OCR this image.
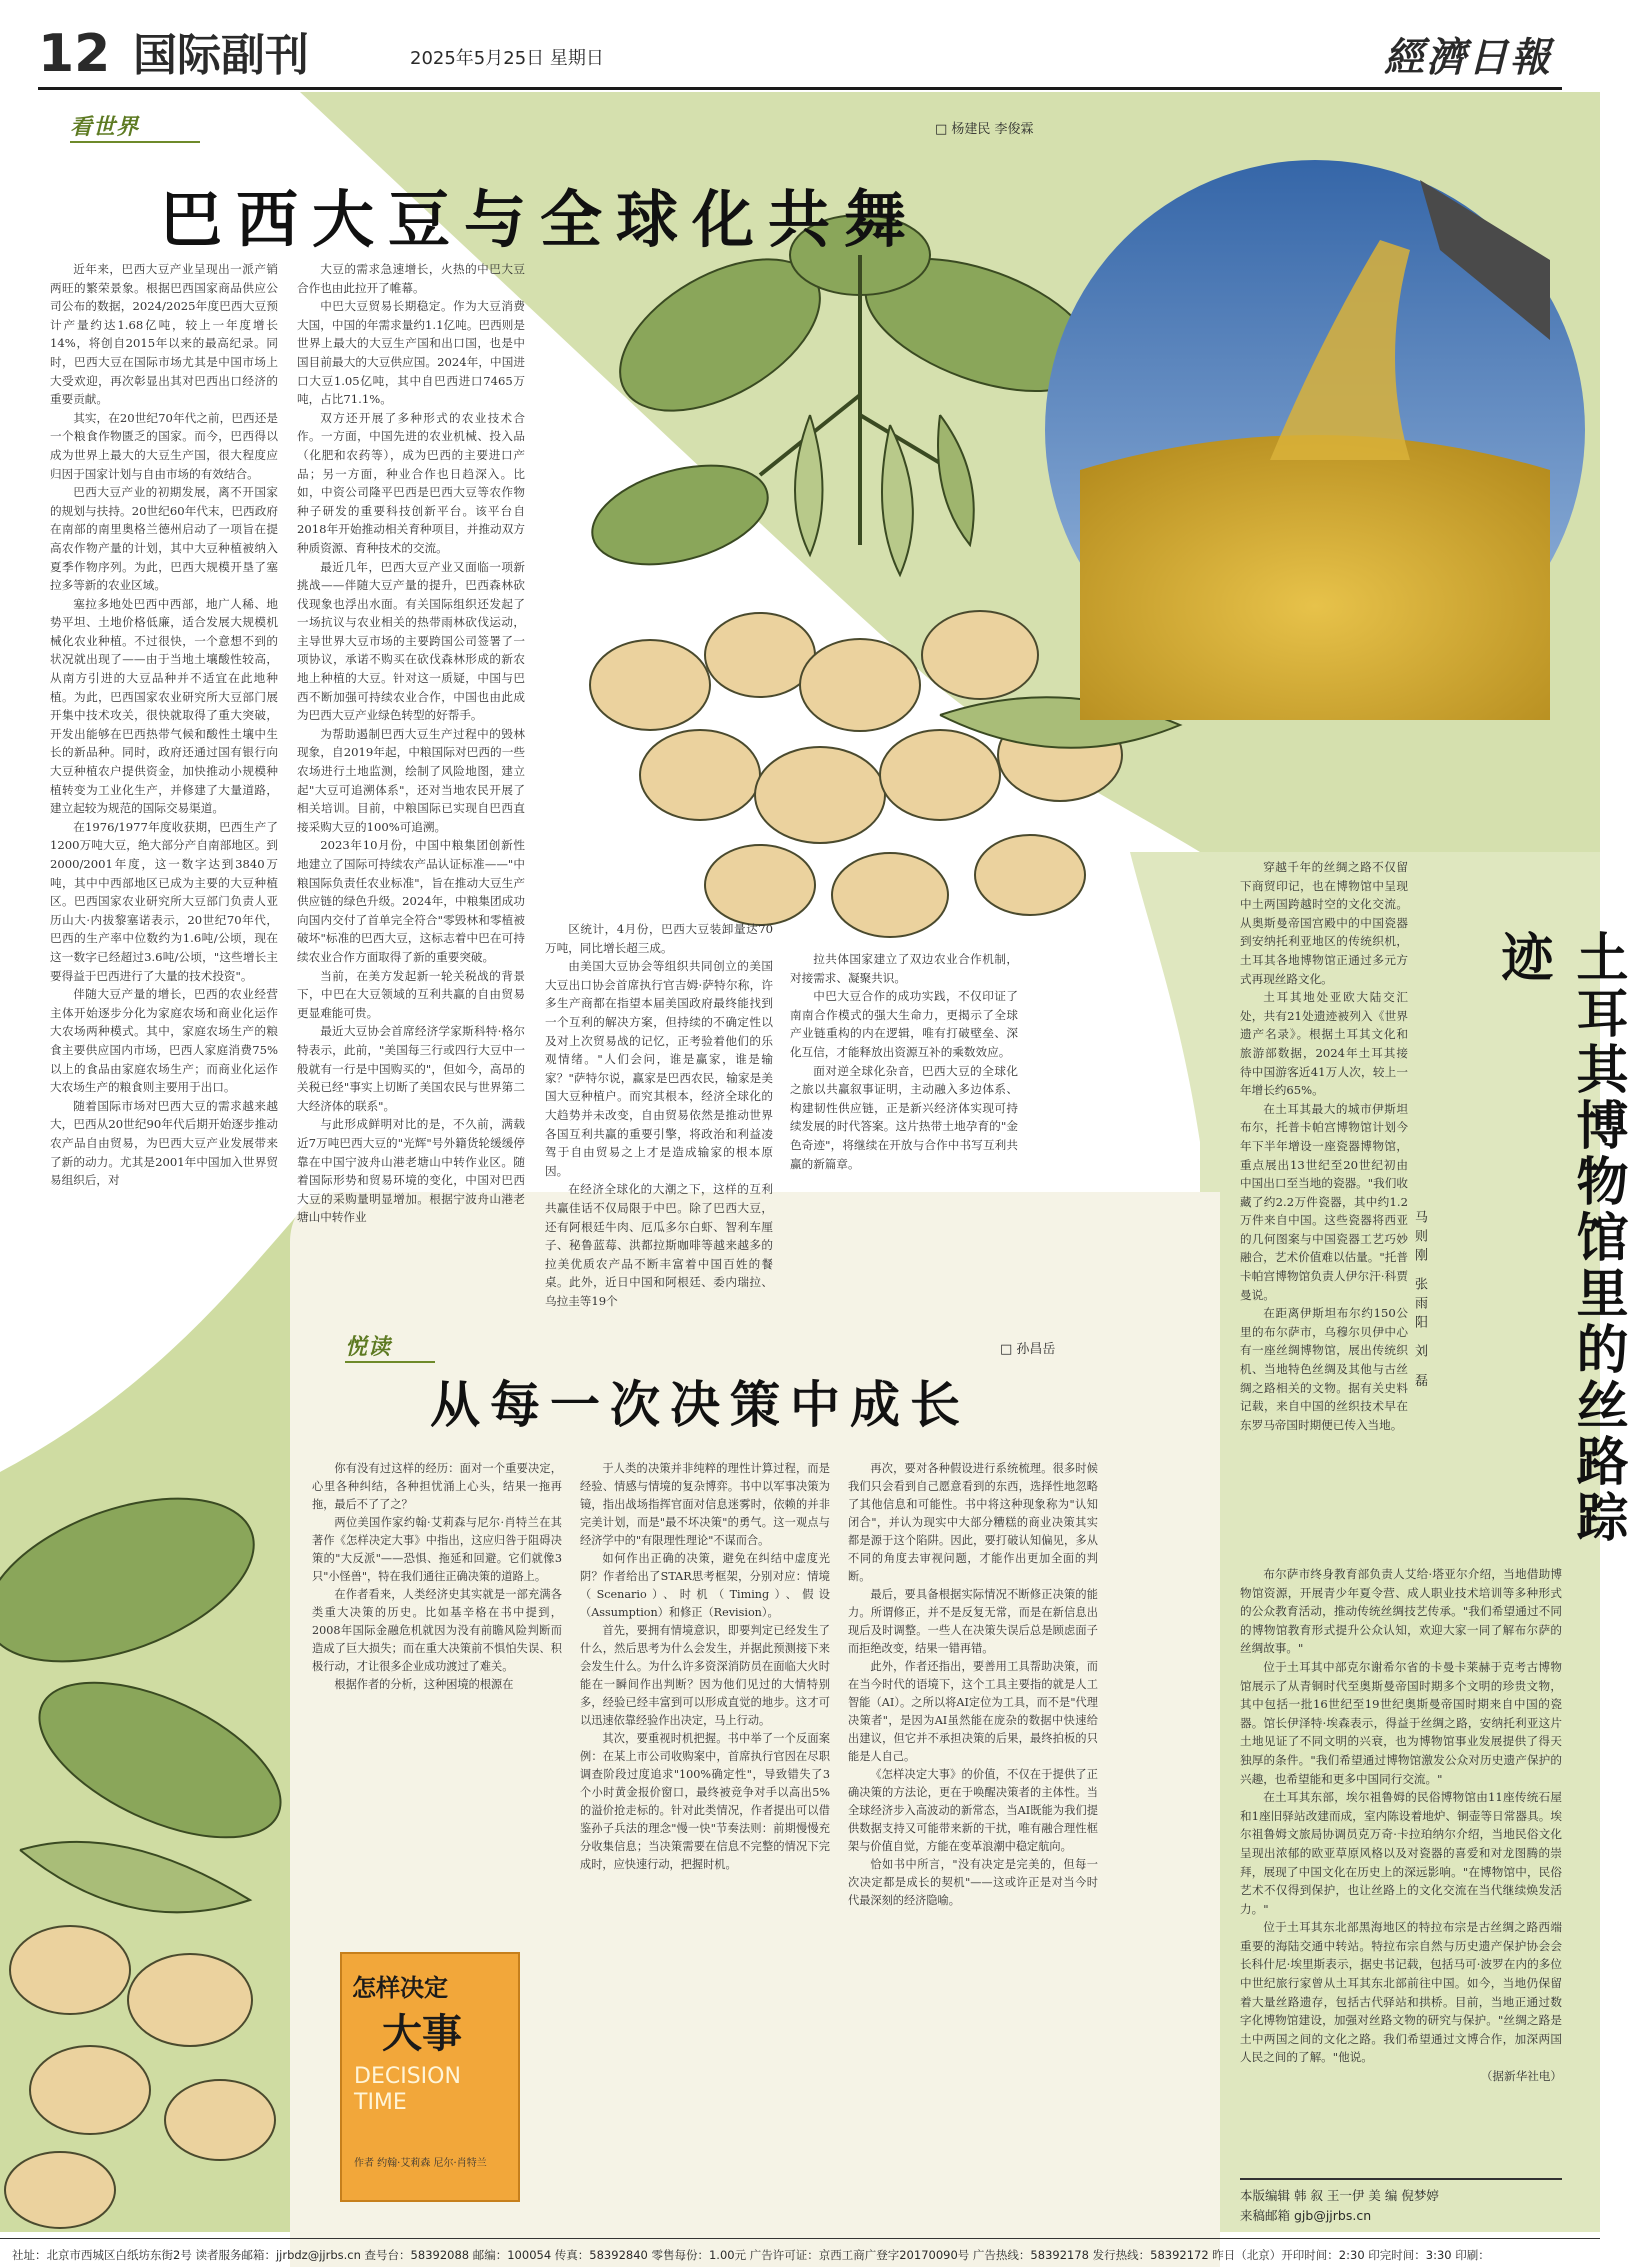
12 国际副刊	2025年5月25日 星期日	經濟日報
看世界	□ 杨建民 李俊霖
巴西大豆与全球化共舞

近年来，巴西大豆产业呈现出一派产销两旺的繁荣景象。根据巴西国家商品供应公司公布的数据，2024/2025年度巴西大豆预计产量约达1.68亿吨，较上一年度增长14%，将创自2015年以来的最高纪录。同时，巴西大豆在国际市场尤其是中国市场上大受欢迎，再次彰显出其对巴西出口经济的重要贡献。

其实，在20世纪70年代之前，巴西还是一个粮食作物匮乏的国家。而今，巴西得以成为世界上最大的大豆生产国，很大程度应归因于国家计划与自由市场的有效结合。

巴西大豆产业的初期发展，离不开国家的规划与扶持。20世纪60年代末，巴西政府在南部的南里奥格兰德州启动了一项旨在提高农作物产量的计划，其中大豆种植被纳入夏季作物序列。为此，巴西大规模开垦了塞拉多等新的农业区域。

塞拉多地处巴西中西部，地广人稀、地势平坦、土地价格低廉，适合发展大规模机械化农业种植。不过很快，一个意想不到的状况就出现了——由于当地土壤酸性较高，从南方引进的大豆品种并不适宜在此地种植。为此，巴西国家农业研究所大豆部门展开集中技术攻关，很快就取得了重大突破，开发出能够在巴西热带气候和酸性土壤中生长的新品种。同时，政府还通过国有银行向大豆种植农户提供资金，加快推动小规模种植转变为工业化生产，并修建了大量道路，建立起较为规范的国际交易渠道。

在1976/1977年度收获期，巴西生产了1200万吨大豆，绝大部分产自南部地区。到2000/2001年度，这一数字达到3840万吨，其中中西部地区已成为主要的大豆种植区。巴西国家农业研究所大豆部门负责人亚历山大·内拔黎塞诺表示，20世纪70年代，巴西的生产率中位数约为1.6吨/公顷，现在这一数字已经超过3.6吨/公顷，"这些增长主要得益于巴西进行了大量的技术投资"。

伴随大豆产量的增长，巴西的农业经营主体开始逐步分化为家庭农场和商业化运作大农场两种模式。其中，家庭农场生产的粮食主要供应国内市场，巴西人家庭消费75%以上的食品由家庭农场生产；而商业化运作大农场生产的粮食则主要用于出口。

随着国际市场对巴西大豆的需求越来越大，巴西从20世纪90年代后期开始逐步推动农产品自由贸易，为巴西大豆产业发展带来了新的动力。尤其是2001年中国加入世界贸易组织后，对

大豆的需求急速增长，火热的中巴大豆合作也由此拉开了帷幕。

中巴大豆贸易长期稳定。作为大豆消费大国，中国的年需求量约1.1亿吨。巴西则是世界上最大的大豆生产国和出口国，也是中国目前最大的大豆供应国。2024年，中国进口大豆1.05亿吨，其中自巴西进口7465万吨，占比71.1%。

双方还开展了多种形式的农业技术合作。一方面，中国先进的农业机械、投入品（化肥和农药等），成为巴西的主要进口产品；另一方面，种业合作也日趋深入。比如，中资公司隆平巴西是巴西大豆等农作物种子研发的重要科技创新平台。该平台自2018年开始推动相关育种项目，并推动双方种质资源、育种技术的交流。

最近几年，巴西大豆产业又面临一项新挑战——伴随大豆产量的提升，巴西森林砍伐现象也浮出水面。有关国际组织还发起了一场抗议与农业相关的热带雨林砍伐运动，主导世界大豆市场的主要跨国公司签署了一项协议，承诺不购买在砍伐森林形成的新农地上种植的大豆。针对这一质疑，中国与巴西不断加强可持续农业合作，中国也由此成为巴西大豆产业绿色转型的好帮手。

为帮助遏制巴西大豆生产过程中的毁林现象，自2019年起，中粮国际对巴西的一些农场进行土地监测，绘制了风险地图，建立起"大豆可追溯体系"，还对当地农民开展了相关培训。目前，中粮国际已实现自巴西直接采购大豆的100%可追溯。

2023年10月份，中国中粮集团创新性地建立了国际可持续农产品认证标准——"中粮国际负责任农业标准"，旨在推动大豆生产供应链的绿色升级。2024年，中粮集团成功向国内交付了首单完全符合"零毁林和零植被破坏"标准的巴西大豆，这标志着中巴在可持续农业合作方面取得了新的重要突破。

当前，在美方发起新一轮关税战的背景下，中巴在大豆领域的互利共赢的自由贸易更显难能可贵。

最近大豆协会首席经济学家斯科特·格尔特表示，此前，"美国每三行或四行大豆中一般就有一行是中国购买的"，但如今，高昂的关税已经"事实上切断了美国农民与世界第二大经济体的联系"。

与此形成鲜明对比的是，不久前，满载近7万吨巴西大豆的"光辉"号外籍货轮缓缓停靠在中国宁波舟山港老塘山中转作业区。随着国际形势和贸易环境的变化，中国对巴西大豆的采购量明显增加。根据宁波舟山港老塘山中转作业

区统计，4月份，巴西大豆装卸量达70万吨，同比增长超三成。

由美国大豆协会等组织共同创立的美国大豆出口协会首席执行官吉姆·萨特尔称，许多生产商都在指望本届美国政府最终能找到一个互利的解决方案，但持续的不确定性以及对上次贸易战的记忆，正考验着他们的乐观情绪。"人们会问，谁是赢家，谁是输家？"萨特尔说，赢家是巴西农民，输家是美国大豆种植户。而究其根本，经济全球化的大趋势并未改变，自由贸易依然是推动世界各国互利共赢的重要引擎，将政治和利益凌驾于自由贸易之上才是造成输家的根本原因。

在经济全球化的大潮之下，这样的互利共赢佳话不仅局限于中巴。除了巴西大豆，还有阿根廷牛肉、厄瓜多尔白虾、智利车厘子、秘鲁蓝莓、洪都拉斯咖啡等越来越多的拉美优质农产品不断丰富着中国百姓的餐桌。此外，近日中国和阿根廷、委内瑞拉、乌拉圭等19个

拉共体国家建立了双边农业合作机制，对接需求、凝聚共识。

中巴大豆合作的成功实践，不仅印证了南南合作模式的强大生命力，更揭示了全球产业链重构的内在逻辑，唯有打破壁垒、深化互信，才能释放出资源互补的乘数效应。

面对逆全球化杂音，巴西大豆的全球化之旅以共赢叙事证明，主动融入多边体系、构建韧性供应链，正是新兴经济体实现可持续发展的时代答案。这片热带土地孕育的"金色奇迹"，将继续在开放与合作中书写互利共赢的新篇章。	土耳其博物馆里的丝路踪迹
马则刚 张雨阳 刘 磊

穿越千年的丝绸之路不仅留下商贸印记，也在博物馆中呈现中土两国跨越时空的文化交流。从奥斯曼帝国宫殿中的中国瓷器到安纳托利亚地区的传统织机，土耳其各地博物馆正通过多元方式再现丝路文化。

土耳其地处亚欧大陆交汇处，共有21处遗迹被列入《世界遗产名录》。根据土耳其文化和旅游部数据，2024年土耳其接待中国游客近41万人次，较上一年增长约65%。

在土耳其最大的城市伊斯坦布尔，托普卡帕宫博物馆计划今年下半年增设一座瓷器博物馆，重点展出13世纪至20世纪初由中国出口至当地的瓷器。"我们收藏了约2.2万件瓷器，其中约1.2万件来自中国。这些瓷器将西亚的几何图案与中国瓷器工艺巧妙融合，艺术价值难以估量。"托普卡帕宫博物馆负责人伊尔汗·科贾曼说。

在距离伊斯坦布尔约150公里的布尔萨市，乌穆尔贝伊中心有一座丝绸博物馆，展出传统织机、当地特色丝绸及其他与古丝绸之路相关的文物。据有关史料记载，来自中国的丝织技术早在东罗马帝国时期便已传入当地。

布尔萨市终身教育部负责人艾给·塔亚尔介绍，当地借助博物馆资源，开展青少年夏令营、成人职业技术培训等多种形式的公众教育活动，推动传统丝绸技艺传承。"我们希望通过不同的博物馆教育形式提升公众认知，欢迎大家一同了解布尔萨的丝绸故事。"

位于土耳其中部克尔谢希尔省的卡曼卡莱赫于克考古博物馆展示了从青铜时代至奥斯曼帝国时期多个文明的珍贵文物，其中包括一批16世纪至19世纪奥斯曼帝国时期来自中国的瓷器。馆长伊泽特·埃森表示，得益于丝绸之路，安纳托利亚这片土地见证了不同文明的兴衰，也为博物馆事业发展提供了得天独厚的条件。"我们希望通过博物馆激发公众对历史遗产保护的兴趣，也希望能和更多中国同行交流。"

在土耳其东部，埃尔祖鲁姆的民俗博物馆由11座传统石屋和1座旧驿站改建而成，室内陈设着地炉、铜壶等日常器具。埃尔祖鲁姆文旅局协调员克万奇·卡拉珀纳尔介绍，当地民俗文化呈现出浓郁的欧亚草原风格以及对瓷器的喜爱和对龙图腾的崇拜，展现了中国文化在历史上的深远影响。"在博物馆中，民俗艺术不仅得到保护，也让丝路上的文化交流在当代继续焕发活力。"

位于土耳其东北部黑海地区的特拉布宗是古丝绸之路西端重要的海陆交通中转站。特拉布宗自然与历史遗产保护协会会长科什尼·埃里斯表示，据史书记载，包括马可·波罗在内的多位中世纪旅行家曾从土耳其东北部前往中国。如今，当地仍保留着大量丝路遗存，包括古代驿站和拱桥。目前，当地正通过数字化博物馆建设，加强对丝路文物的研究与保护。"丝绸之路是土中两国之间的文化之路。我们希望通过文博合作，加深两国人民之间的了解。"他说。

（据新华社电）

悦读	□ 孙昌岳
从每一次决策中成长

你有没有过这样的经历：面对一个重要决定，心里各种纠结，各种担忧涌上心头，结果一拖再拖，最后不了了之？

两位美国作家约翰·艾莉森与尼尔·肖特兰在其著作《怎样决定大事》中指出，这应归咎于阻碍决策的"大反派"——恐惧、拖延和回避。它们就像3只"小怪兽"，特在我们通往正确决策的道路上。

在作者看来，人类经济史其实就是一部充满各类重大决策的历史。比如基辛格在书中提到，2008年国际金融危机就因为没有前瞻风险判断而造成了巨大损失；而在重大决策前不惧怕失误、积极行动，才让很多企业成功渡过了难关。

根据作者的分析，这种困境的根源在

怎样决定
大事
DECISION TIME
作者 约翰·艾莉森 尼尔·肖特兰

于人类的决策并非纯粹的理性计算过程，而是经验、情感与情境的复杂博弈。书中以军事决策为镜，指出战场指挥官面对信息迷雾时，依赖的并非完美计划，而是"最不坏决策"的勇气。这一观点与经济学中的"有限理性理论"不谋而合。

如何作出正确的决策，避免在纠结中虚度光阴？作者给出了STAR思考框架，分别对应：情境（Scenario）、时机（Timing）、假设（Assumption）和修正（Revision）。

首先，要拥有情境意识，即要判定已经发生了什么，然后思考为什么会发生，并据此预测接下来会发生什么。为什么许多资深消防员在面临大火时能在一瞬间作出判断？因为他们见过的大情特别多，经验已经丰富到可以形成直觉的地步。这才可以迅速依靠经验作出决定，马上行动。

其次，要重视时机把握。书中举了一个反面案例：在某上市公司收购案中，首席执行官因在尽职调查阶段过度追求"100%确定性"，导致错失了3个小时黄金报价窗口，最终被竞争对手以高出5%的溢价抢走标的。针对此类情况，作者提出可以借鉴孙子兵法的理念"慢一快"节奏法则：前期慢慢充分收集信息；当决策需要在信息不完整的情况下完成时，应快速行动，把握时机。

再次，要对各种假设进行系统梳理。很多时候我们只会看到自己愿意看到的东西，选择性地忽略了其他信息和可能性。书中将这种现象称为"认知闭合"，并认为现实中大部分糟糕的商业决策其实都是源于这个陷阱。因此，要打破认知偏见，多从不同的角度去审视问题，才能作出更加全面的判断。

最后，要具备根据实际情况不断修正决策的能力。所谓修正，并不是反复无常，而是在新信息出现后及时调整。一些人在决策失误后总是顾虑面子而拒绝改变，结果一错再错。

此外，作者还指出，要善用工具帮助决策，而在当今时代的语境下，这个工具主要指的就是人工智能（AI）。之所以将AI定位为工具，而不是"代理决策者"，是因为AI虽然能在庞杂的数据中快速给出建议，但它并不承担决策的后果，最终拍板的只能是人自己。

《怎样决定大事》的价值，不仅在于提供了正确决策的方法论，更在于唤醒决策者的主体性。当全球经济步入高波动的新常态，当AI既能为我们提供数据支持又可能带来新的干扰，唯有融合理性框架与价值自觉，方能在变革浪潮中稳定航向。

恰如书中所言，"没有决定是完美的，但每一次决定都是成长的契机"——这或许正是对当今时代最深刻的经济隐喻。

本版编辑 韩 叙 王一伊 美 编 倪梦婷
来稿邮箱 gjb@jjrbs.cn
社址：北京市西城区白纸坊东街2号 读者服务邮箱：jjrbdz@jjrbs.cn 查号台：58392088 邮编：100054 传真：58392840 零售每份：1.00元 广告许可证：京西工商广登字20170090号 广告热线：58392178 发行热线：58392172 昨日（北京）开印时间：2:30 印完时间：3:30 印刷：
